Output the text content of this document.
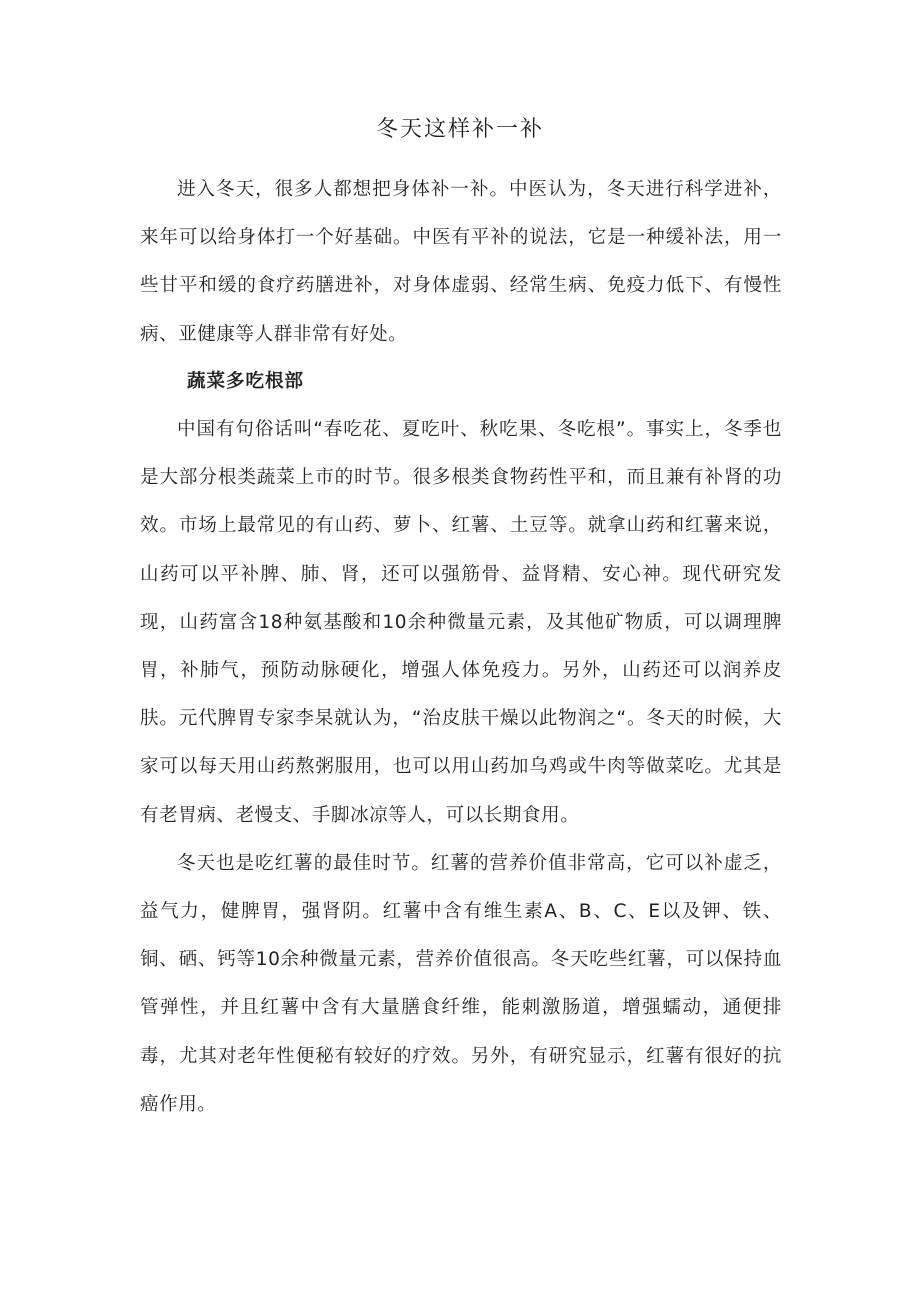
冬天这样补一补

进入冬天，很多人都想把身体补一补。中医认为，冬天进行科学进补，来年可以给身体打一个好基础。中医有平补的说法，它是一种缓补法，用一些甘平和缓的食疗药膳进补，对身体虚弱、经常生病、免疫力低下、有慢性病、亚健康等人群非常有好处。

蔬菜多吃根部

中国有句俗话叫“春吃花、夏吃叶、秋吃果、冬吃根”。事实上，冬季也是大部分根类蔬菜上市的时节。很多根类食物药性平和，而且兼有补肾的功效。市场上最常见的有山药、萝卜、红薯、土豆等。就拿山药和红薯来说，山药可以平补脾、肺、肾，还可以强筋骨、益肾精、安心神。现代研究发现，山药富含18种氨基酸和10余种微量元素，及其他矿物质，可以调理脾胃，补肺气，预防动脉硬化，增强人体免疫力。另外，山药还可以润养皮肤。元代脾胃专家李杲就认为，“治皮肤干燥以此物润之“。冬天的时候，大家可以每天用山药熬粥服用，也可以用山药加乌鸡或牛肉等做菜吃。尤其是有老胃病、老慢支、手脚冰凉等人，可以长期食用。

冬天也是吃红薯的最佳时节。红薯的营养价值非常高，它可以补虚乏，益气力，健脾胃，强肾阴。红薯中含有维生素A、B、C、E以及钾、铁、铜、硒、钙等10余种微量元素，营养价值很高。冬天吃些红薯，可以保持血管弹性，并且红薯中含有大量膳食纤维，能刺激肠道，增强蠕动，通便排毒，尤其对老年性便秘有较好的疗效。另外，有研究显示，红薯有很好的抗癌作用。
